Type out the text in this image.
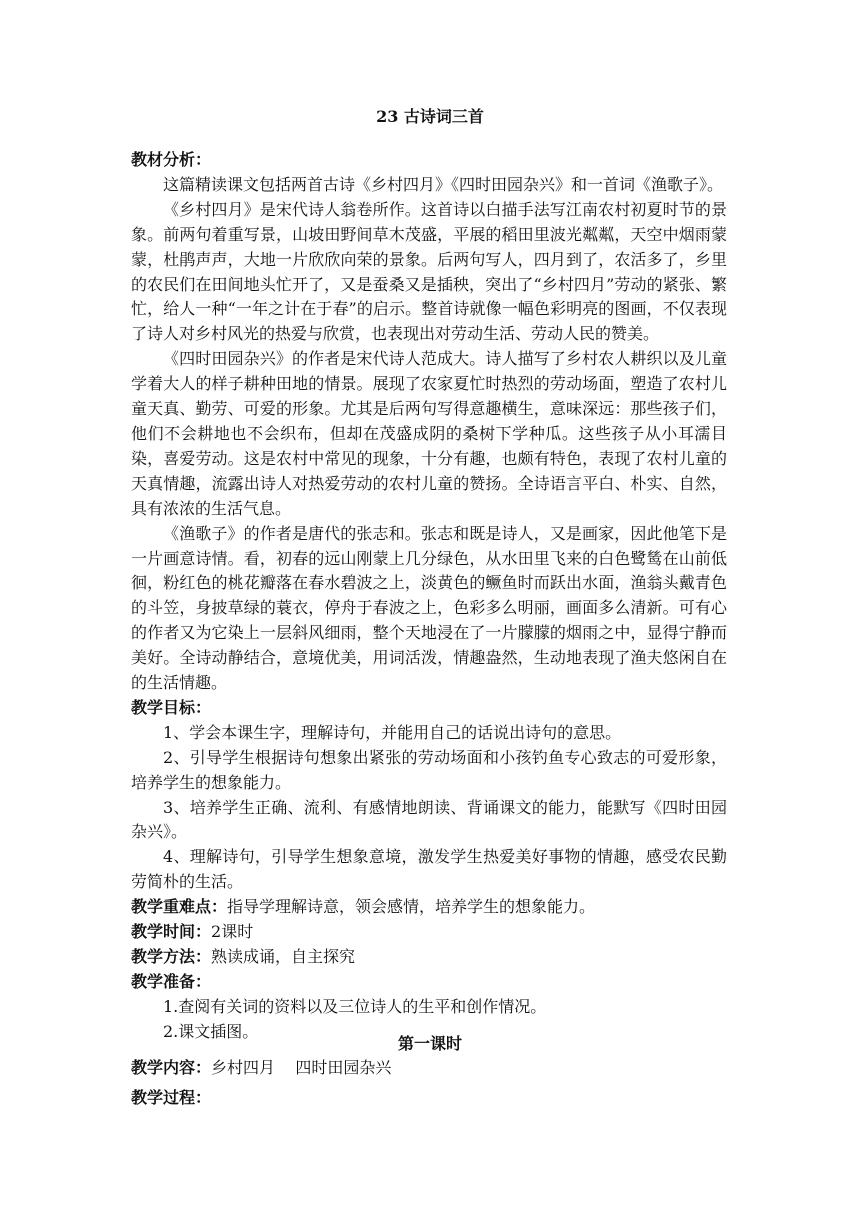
23 古诗词三首
教材分析：

这篇精读课文包括两首古诗《乡村四月》《四时田园杂兴》和一首词《渔歌子》。

《乡村四月》是宋代诗人翁卷所作。这首诗以白描手法写江南农村初夏时节的景象。前两句着重写景，山坡田野间草木茂盛，平展的稻田里波光粼粼，天空中烟雨蒙蒙，杜鹃声声，大地一片欣欣向荣的景象。后两句写人，四月到了，农活多了，乡里的农民们在田间地头忙开了，又是蚕桑又是插秧，突出了“乡村四月”劳动的紧张、繁忙，给人一种“一年之计在于春”的启示。整首诗就像一幅色彩明亮的图画，不仅表现了诗人对乡村风光的热爱与欣赏，也表现出对劳动生活、劳动人民的赞美。

《四时田园杂兴》的作者是宋代诗人范成大。诗人描写了乡村农人耕织以及儿童学着大人的样子耕种田地的情景。展现了农家夏忙时热烈的劳动场面，塑造了农村儿童天真、勤劳、可爱的形象。尤其是后两句写得意趣横生，意味深远：那些孩子们，他们不会耕地也不会织布，但却在茂盛成阴的桑树下学种瓜。这些孩子从小耳濡目染，喜爱劳动。这是农村中常见的现象，十分有趣，也颇有特色，表现了农村儿童的天真情趣，流露出诗人对热爱劳动的农村儿童的赞扬。全诗语言平白、朴实、自然，具有浓浓的生活气息。

《渔歌子》的作者是唐代的张志和。张志和既是诗人，又是画家，因此他笔下是一片画意诗情。看，初春的远山刚蒙上几分绿色，从水田里飞来的白色鹭鸶在山前低徊，粉红色的桃花瓣落在春水碧波之上，淡黄色的鳜鱼时而跃出水面，渔翁头戴青色的斗笠，身披草绿的蓑衣，停舟于春波之上，色彩多么明丽，画面多么清新。可有心的作者又为它染上一层斜风细雨，整个天地浸在了一片朦朦的烟雨之中，显得宁静而美好。全诗动静结合，意境优美，用词活泼，情趣盎然，生动地表现了渔夫悠闲自在的生活情趣。

教学目标：

1、学会本课生字，理解诗句，并能用自己的话说出诗句的意思。

2、引导学生根据诗句想象出紧张的劳动场面和小孩钓鱼专心致志的可爱形象，培养学生的想象能力。

3、培养学生正确、流利、有感情地朗读、背诵课文的能力，能默写《四时田园杂兴》。

4、理解诗句，引导学生想象意境，激发学生热爱美好事物的情趣，感受农民勤劳简朴的生活。

教学重难点：指导学理解诗意，领会感情，培养学生的想象能力。
教学时间：2课时
教学方法：熟读成诵，自主探究
教学准备：
1.查阅有关词的资料以及三位诗人的生平和创作情况。
2.课文插图。
第一课时
教学内容：乡村四月    四时田园杂兴
教学过程：
